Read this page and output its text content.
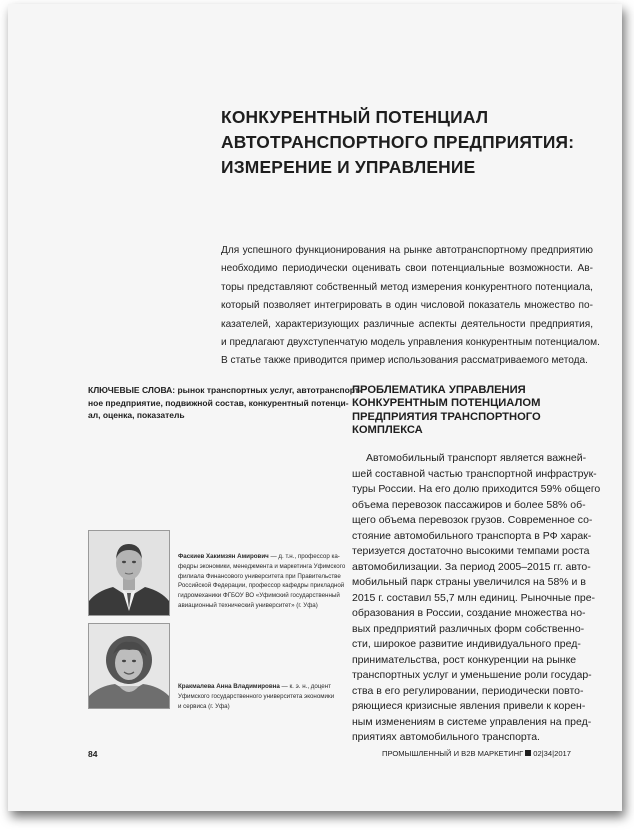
КОНКУРЕНТНЫЙ ПОТЕНЦИАЛ
АВТОТРАНСПОРТНОГО ПРЕДПРИЯТИЯ:
ИЗМЕРЕНИЕ И УПРАВЛЕНИЕ
Для успешного функционирования на рынке автотранспортному предприятию
необходимо периодически оценивать свои потенциальные возможности. Ав-
торы представляют собственный метод измерения конкурентного потенциала,
который позволяет интегрировать в один числовой показатель множество по-
казателей, характеризующих различные аспекты деятельности предприятия,
и предлагают двухступенчатую модель управления конкурентным потенциалом.
В статье также приводится пример использования рассматриваемого метода.
КЛЮЧЕВЫЕ СЛОВА: рынок транспортных услуг, автотранспорт-
ное предприятие, подвижной состав, конкурентный потенци-
ал, оценка, показатель
ПРОБЛЕМАТИКА УПРАВЛЕНИЯ
КОНКУРЕНТНЫМ ПОТЕНЦИАЛОМ
ПРЕДПРИЯТИЯ ТРАНСПОРТНОГО
КОМПЛЕКСА
Автомобильный транспорт является важней-
шей составной частью транспортной инфраструк-
туры России. На его долю приходится 59% общего
объема перевозок пассажиров и более 58% об-
щего объема перевозок грузов. Современное со-
стояние автомобильного транспорта в РФ харак-
теризуется достаточно высокими темпами роста
автомобилизации. За период 2005–2015 гг. авто-
мобильный парк страны увеличился на 58% и в
2015 г. составил 55,7 млн единиц. Рыночные пре-
образования в России, создание множества но-
вых предприятий различных форм собственно-
сти, широкое развитие индивидуального пред-
принимательства, рост конкуренции на рынке
транспортных услуг и уменьшение роли государ-
ства в его регулировании, периодически повто-
ряющиеся кризисные явления привели к корен-
ным изменениям в системе управления на пред-
приятиях автомобильного транспорта.
Фаскиев Хакимзян Амирович — д. т.н., профессор ка-
федры экономики, менеджмента и маркетинга Уфимского
филиала Финансового университета при Правительстве
Российской Федерации, профессор кафедры прикладной
гидромеханики ФГБОУ ВО «Уфимский государственный
авиационный технический университет» (г. Уфа)
Кракмалева Анна Владимировна — к. э. н., доцент
Уфимского государственного университета экономики
и сервиса (г. Уфа)
84	ПРОМЫШЛЕННЫЙ И B2B МАРКЕТИНГ 02|34|2017
